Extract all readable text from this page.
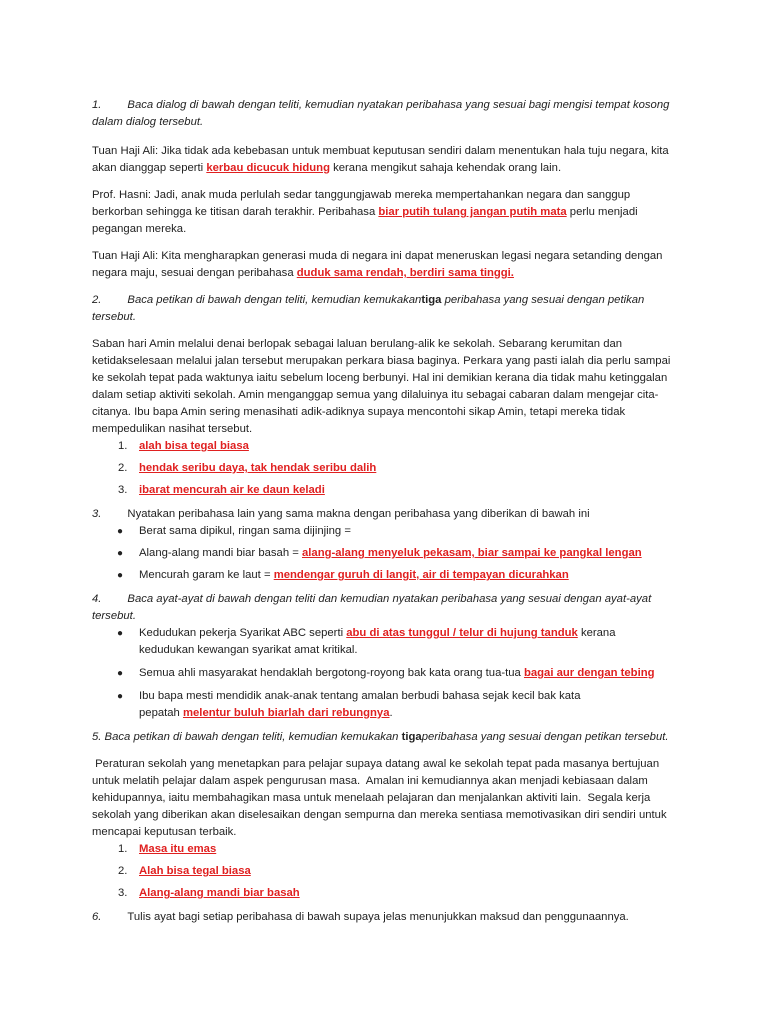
1. Baca dialog di bawah dengan teliti, kemudian nyatakan peribahasa yang sesuai bagi mengisi tempat kosong dalam dialog tersebut.

Tuan Haji Ali: Jika tidak ada kebebasan untuk membuat keputusan sendiri dalam menentukan hala tuju negara, kita akan dianggap seperti kerbau dicucuk hidung kerana mengikut sahaja kehendak orang lain.

Prof. Hasni: Jadi, anak muda perlulah sedar tanggungjawab mereka mempertahankan negara dan sanggup berkorban sehingga ke titisan darah terakhir. Peribahasa biar putih tulang jangan putih mata perlu menjadi pegangan mereka.

Tuan Haji Ali: Kita mengharapkan generasi muda di negara ini dapat meneruskan legasi negara setanding dengan negara maju, sesuai dengan peribahasa duduk sama rendah, berdiri sama tinggi.

2. Baca petikan di bawah dengan teliti, kemudian kemukakantiga peribahasa yang sesuai dengan petikan tersebut.

Saban hari Amin melalui denai berlopak sebagai laluan berulang-alik ke sekolah. Sebarang kerumitan dan ketidakselesaan melalui jalan tersebut merupakan perkara biasa baginya. Perkara yang pasti ialah dia perlu sampai ke sekolah tepat pada waktunya iaitu sebelum loceng berbunyi. Hal ini demikian kerana dia tidak mahu ketinggalan dalam setiap aktiviti sekolah. Amin menganggap semua yang dilaluinya itu sebagai cabaran dalam mengejar cita-citanya. Ibu bapa Amin sering menasihati adik-adiknya supaya mencontohi sikap Amin, tetapi mereka tidak mempedulikan nasihat tersebut.

1. alah bisa tegal biasa
2. hendak seribu daya, tak hendak seribu dalih
3. ibarat mencurah air ke daun keladi

3. Nyatakan peribahasa lain yang sama makna dengan peribahasa yang diberikan di bawah ini

● Berat sama dipikul, ringan sama dijinjing =
● Alang-alang mandi biar basah = alang-alang menyeluk pekasam, biar sampai ke pangkal lengan
● Mencurah garam ke laut = mendengar guruh di langit, air di tempayan dicurahkan

4. Baca ayat-ayat di bawah dengan teliti dan kemudian nyatakan peribahasa yang sesuai dengan ayat-ayat tersebut.

● Kedudukan pekerja Syarikat ABC seperti abu di atas tunggul / telur di hujung tanduk kerana
kedudukan kewangan syarikat amat kritikal.
● Semua ahli masyarakat hendaklah bergotong-royong bak kata orang tua-tua bagai aur dengan tebing
● Ibu bapa mesti mendidik anak-anak tentang amalan berbudi bahasa sejak kecil bak kata
pepatah melentur buluh biarlah dari rebungnya.

5. Baca petikan di bawah dengan teliti, kemudian kemukakan tigaperibahasa yang sesuai dengan petikan tersebut.

Peraturan sekolah yang menetapkan para pelajar supaya datang awal ke sekolah tepat pada masanya bertujuan untuk melatih pelajar dalam aspek pengurusan masa.  Amalan ini kemudiannya akan menjadi kebiasaan dalam kehidupannya, iaitu membahagikan masa untuk menelaah pelajaran dan menjalankan aktiviti lain.  Segala kerja sekolah yang diberikan akan diselesaikan dengan sempurna dan mereka sentiasa memotivasikan diri sendiri untuk mencapai keputusan terbaik.

1. Masa itu emas
2. Alah bisa tegal biasa
3. Alang-alang mandi biar basah

6. Tulis ayat bagi setiap peribahasa di bawah supaya jelas menunjukkan maksud dan penggunaannya.
